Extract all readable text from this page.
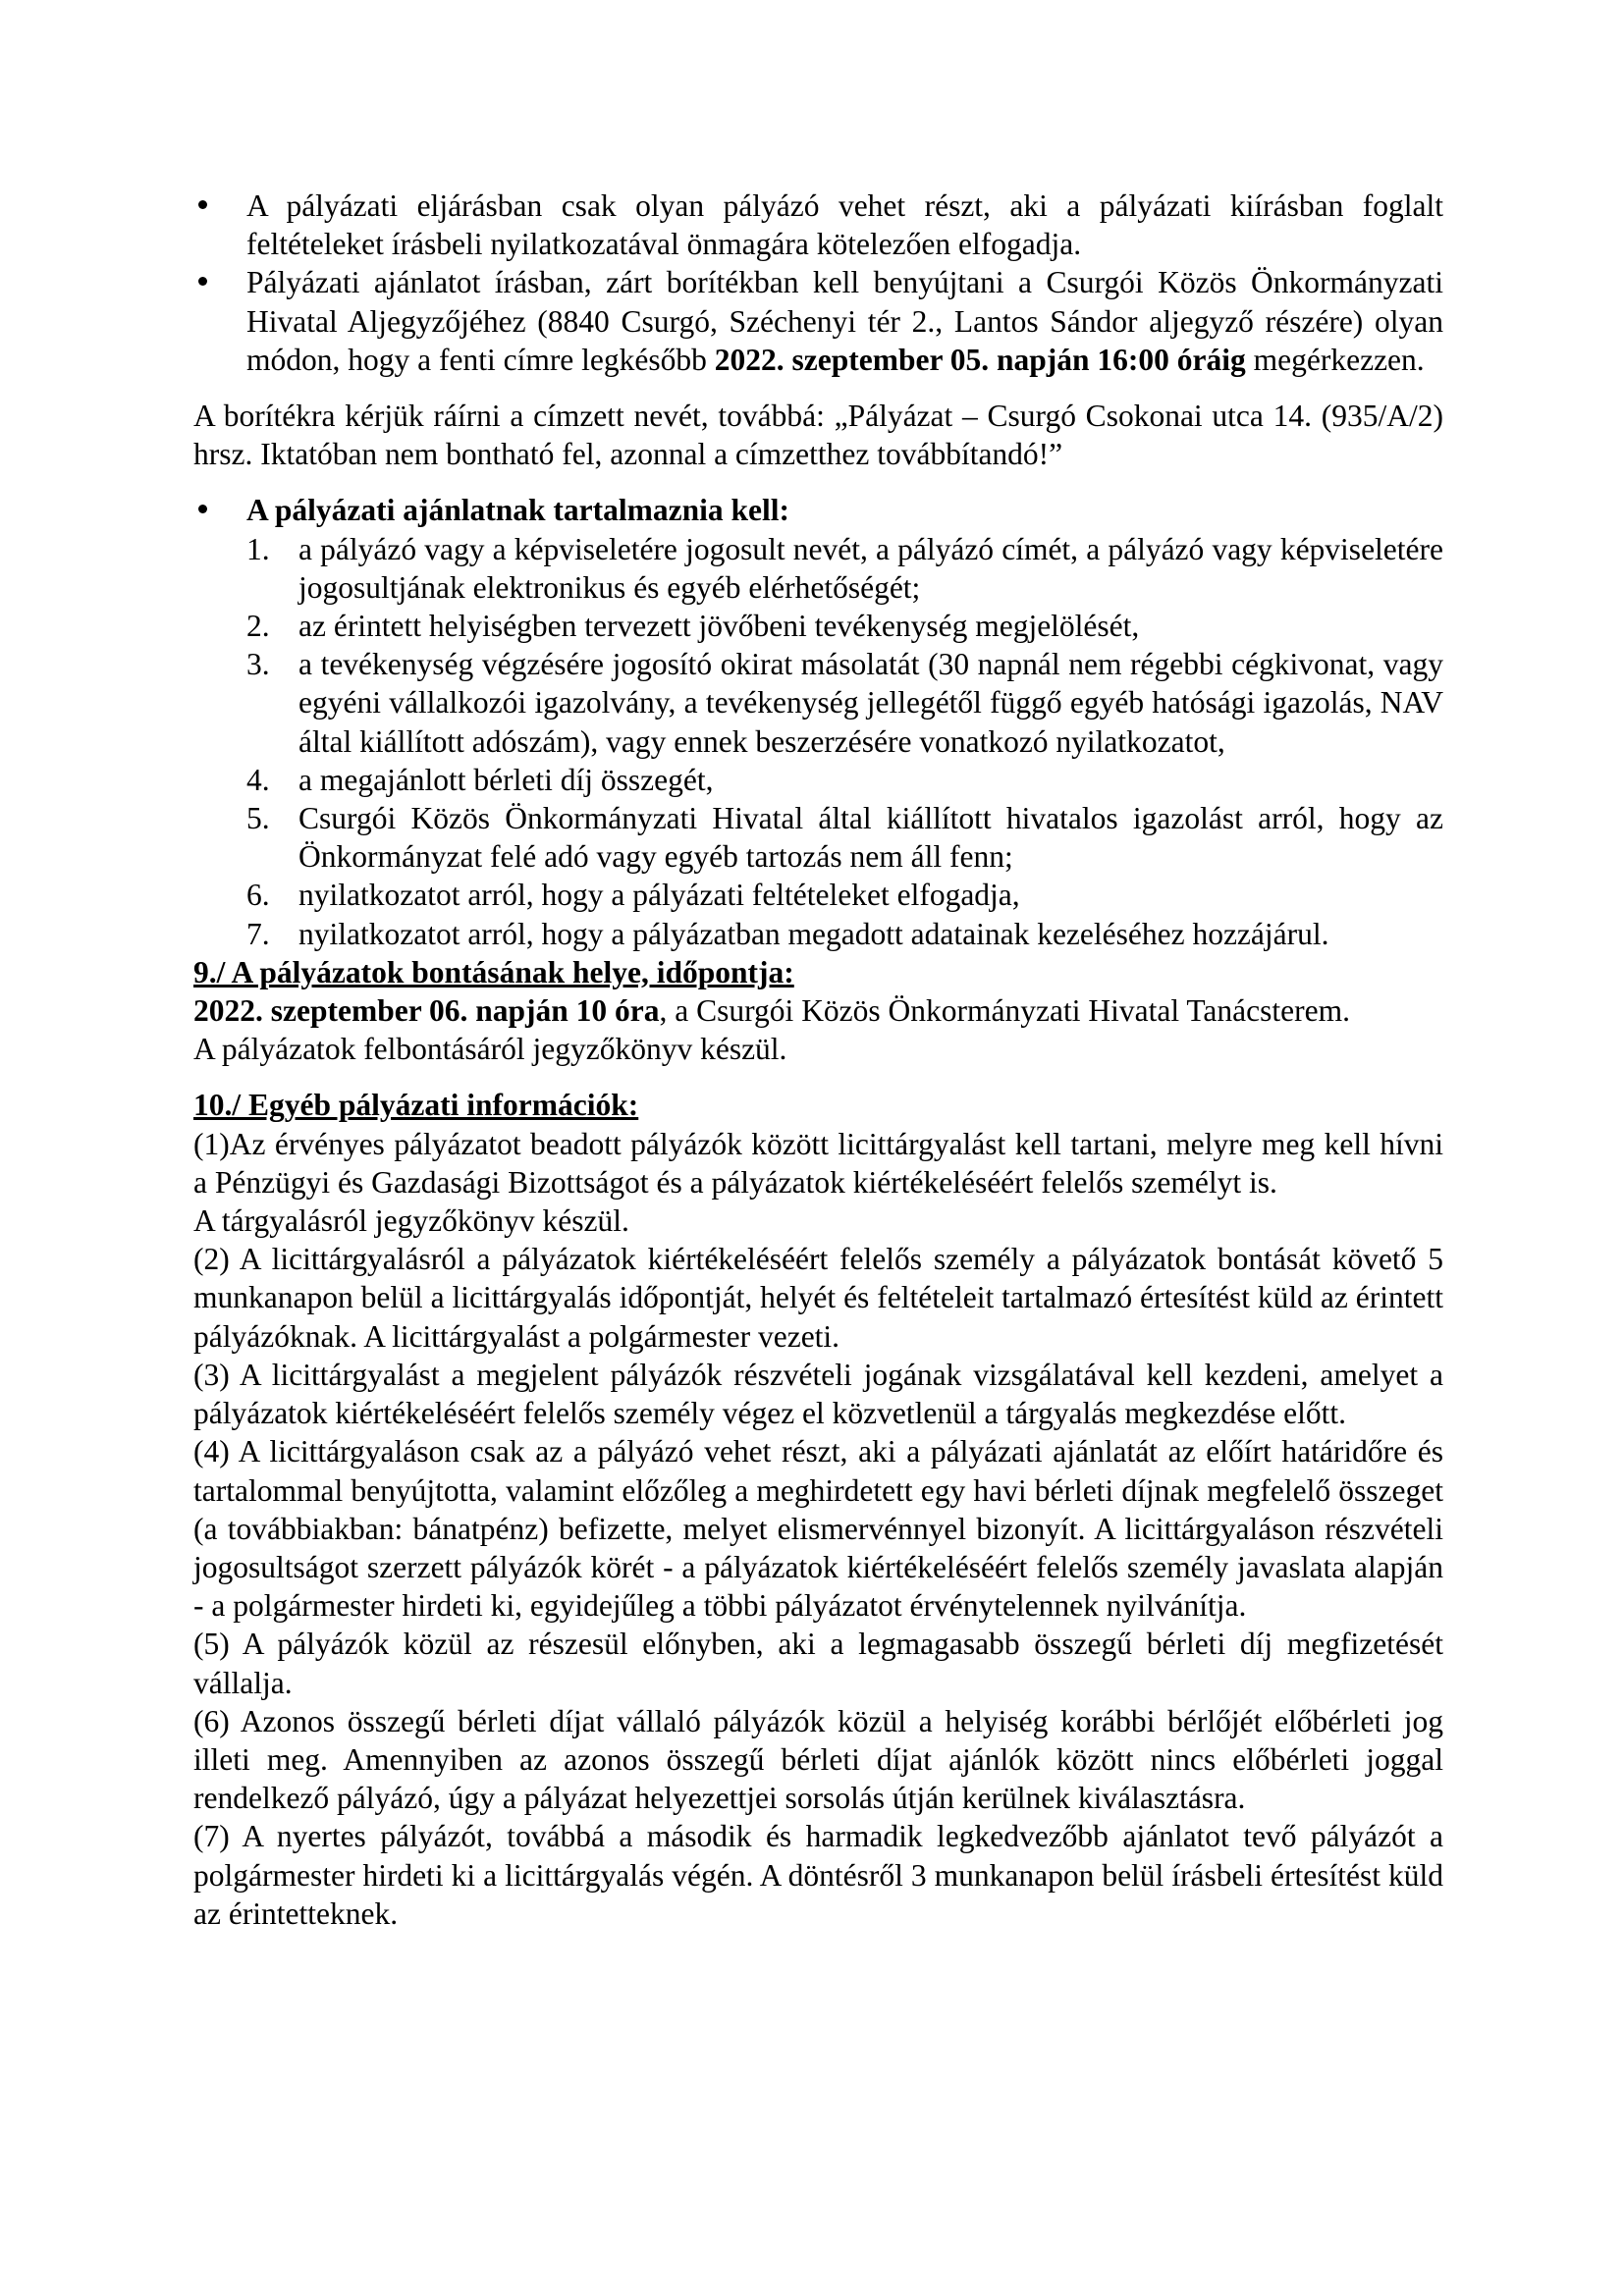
A pályázati eljárásban csak olyan pályázó vehet részt, aki a pályázati kiírásban foglalt feltételeket írásbeli nyilatkozatával önmagára kötelezően elfogadja.

Pályázati ajánlatot írásban, zárt borítékban kell benyújtani a Csurgói Közös Önkormányzati Hivatal Aljegyzőjéhez (8840 Csurgó, Széchenyi tér 2., Lantos Sándor aljegyző részére) olyan módon, hogy a fenti címre legkésőbb 2022. szeptember 05. napján 16:00 óráig megérkezzen.

A borítékra kérjük ráírni a címzett nevét, továbbá: „Pályázat – Csurgó Csokonai utca 14. (935/A/2) hrsz. Iktatóban nem bontható fel, azonnal a címzetthez továbbítandó!”

A pályázati ajánlatnak tartalmaznia kell:

1. a pályázó vagy a képviseletére jogosult nevét, a pályázó címét, a pályázó vagy képviseletére jogosultjának elektronikus és egyéb elérhetőségét;

2. az érintett helyiségben tervezett jövőbeni tevékenység megjelölését,

3. a tevékenység végzésére jogosító okirat másolatát (30 napnál nem régebbi cégkivonat, vagy egyéni vállalkozói igazolvány, a tevékenység jellegétől függő egyéb hatósági igazolás, NAV által kiállított adószám), vagy ennek beszerzésére vonatkozó nyilatkozatot,

4. a megajánlott bérleti díj összegét,

5. Csurgói Közös Önkormányzati Hivatal által kiállított hivatalos igazolást arról, hogy az Önkormányzat felé adó vagy egyéb tartozás nem áll fenn;

6. nyilatkozatot arról, hogy a pályázati feltételeket elfogadja,

7. nyilatkozatot arról, hogy a pályázatban megadott adatainak kezeléséhez hozzájárul.

9./ A pályázatok bontásának helye, időpontja:

2022. szeptember 06. napján 10 óra, a Csurgói Közös Önkormányzati Hivatal Tanácsterem.

A pályázatok felbontásáról jegyzőkönyv készül.

10./ Egyéb pályázati információk:

(1)Az érvényes pályázatot beadott pályázók között licittárgyalást kell tartani, melyre meg kell hívni a Pénzügyi és Gazdasági Bizottságot és a pályázatok kiértékeléséért felelős személyt is.

A tárgyalásról jegyzőkönyv készül.

(2) A licittárgyalásról a pályázatok kiértékeléséért felelős személy a pályázatok bontását követő 5 munkanapon belül a licittárgyalás időpontját, helyét és feltételeit tartalmazó értesítést küld az érintett pályázóknak. A licittárgyalást a polgármester vezeti.

(3) A licittárgyalást a megjelent pályázók részvételi jogának vizsgálatával kell kezdeni, amelyet a pályázatok kiértékeléséért felelős személy végez el közvetlenül a tárgyalás megkezdése előtt.

(4) A licittárgyaláson csak az a pályázó vehet részt, aki a pályázati ajánlatát az előírt határidőre és tartalommal benyújtotta, valamint előzőleg a meghirdetett egy havi bérleti díjnak megfelelő összeget (a továbbiakban: bánatpénz) befizette, melyet elismervénnyel bizonyít. A licittárgyaláson részvételi jogosultságot szerzett pályázók körét - a pályázatok kiértékeléséért felelős személy javaslata alapján - a polgármester hirdeti ki, egyidejűleg a többi pályázatot érvénytelennek nyilvánítja.

(5) A pályázók közül az részesül előnyben, aki a legmagasabb összegű bérleti díj megfizetését vállalja.

(6) Azonos összegű bérleti díjat vállaló pályázók közül a helyiség korábbi bérlőjét előbérleti jog illeti meg. Amennyiben az azonos összegű bérleti díjat ajánlók között nincs előbérleti joggal rendelkező pályázó, úgy a pályázat helyezettjei sorsolás útján kerülnek kiválasztásra.

(7) A nyertes pályázót, továbbá a második és harmadik legkedvezőbb ajánlatot tevő pályázót a polgármester hirdeti ki a licittárgyalás végén. A döntésről 3 munkanapon belül írásbeli értesítést küld az érintetteknek.
